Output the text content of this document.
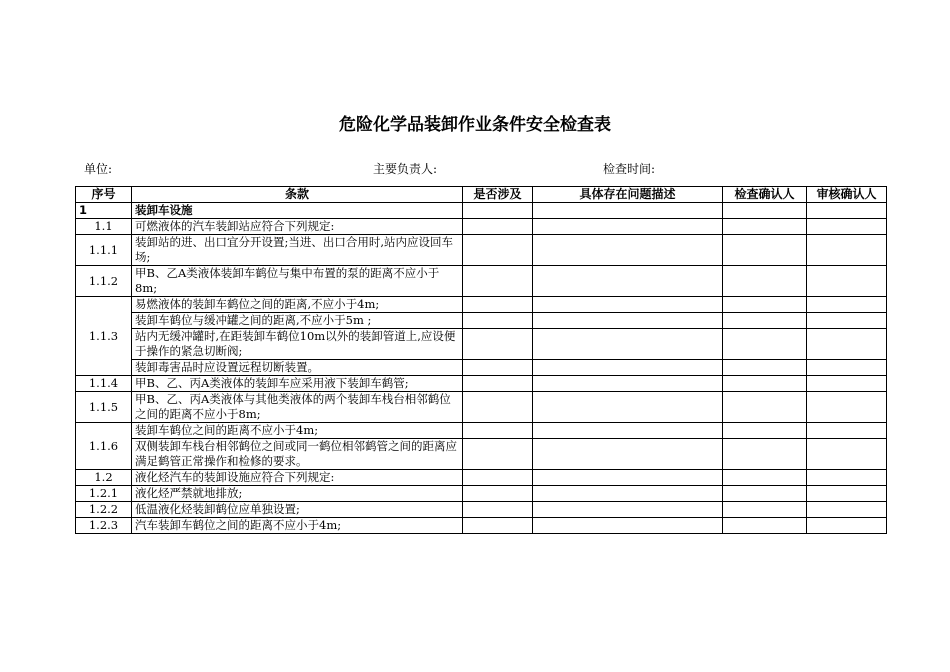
危险化学品装卸作业条件安全检查表
单位:	主要负责人:	检查时间:
序号	条款	是否涉及	具体存在问题描述	检查确认人	审核确认人
1	装卸车设施				
1.1	可燃液体的汽车装卸站应符合下列规定:				
1.1.1	装卸站的进、出口宜分开设置;当进、出口合用时,站内应设回车场;				
1.1.2	甲B、乙A类液体装卸车鹤位与集中布置的泵的距离不应小于8m;				
1.1.3	易燃液体的装卸车鹤位之间的距离,不应小于4m;				
	装卸车鹤位与缓冲罐之间的距离,不应小于5m ;				
	站内无缓冲罐时,在距装卸车鹤位10m以外的装卸管道上,应设便于操作的紧急切断阀;				
	装卸毒害品时应设置远程切断装置。				
1.1.4	甲B、乙、丙A类液体的装卸车应采用液下装卸车鹤管;				
1.1.5	甲B、乙、丙A类液体与其他类液体的两个装卸车栈台相邻鹤位之间的距离不应小于8m;				
1.1.6	装卸车鹤位之间的距离不应小于4m;				
	双侧装卸车栈台相邻鹤位之间或同一鹤位相邻鹤管之间的距离应满足鹤管正常操作和检修的要求。				
1.2	液化烃汽车的装卸设施应符合下列规定:				
1.2.1	液化烃严禁就地排放;				
1.2.2	低温液化烃装卸鹤位应单独设置;				
1.2.3	汽车装卸车鹤位之间的距离不应小于4m;				
